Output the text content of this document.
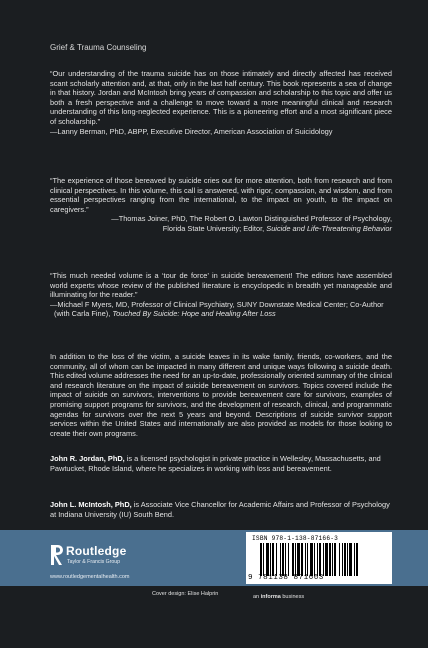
Grief & Trauma Counseling

“Our understanding of the trauma suicide has on those intimately and directly affected has received scant scholarly attention and, at that, only in the last half century. This book represents a sea of change in that history. Jordan and McIntosh bring years of compassion and scholarship to this topic and offer us both a fresh perspective and a challenge to move toward a more meaningful clinical and research understanding of this long-neglected experience. This is a pioneering effort and a most significant piece of scholarship.”

—Lanny Berman, PhD, ABPP, Executive Director, American Association of Suicidology

“The experience of those bereaved by suicide cries out for more attention, both from research and from clinical perspectives. In this volume, this call is answered, with rigor, compassion, and wisdom, and from essential perspectives ranging from the international, to the impact on youth, to the impact on caregivers.”

—Thomas Joiner, PhD, The Robert O. Lawton Distinguished Professor of Psychology,

Florida State University; Editor, Suicide and Life-Threatening Behavior

“This much needed volume is a ‘tour de force’ in suicide bereavement! The editors have assembled world experts whose review of the published literature is encyclopedic in breadth yet manageable and illuminating for the reader.”

—Michael F Myers, MD, Professor of Clinical Psychiatry, SUNY Downstate Medical Center; Co-Author (with Carla Fine), Touched By Suicide: Hope and Healing After Loss

In addition to the loss of the victim, a suicide leaves in its wake family, friends, co-workers, and the community, all of whom can be impacted in many different and unique ways following a suicide death. This edited volume addresses the need for an up-to-date, professionally oriented summary of the clinical and research literature on the impact of suicide bereavement on survivors. Topics covered include the impact of suicide on survivors, interventions to provide bereavement care for survivors, examples of promising support programs for survivors, and the development of research, clinical, and programmatic agendas for survivors over the next 5 years and beyond. Descriptions of suicide survivor support services within the United States and internationally are also provided as models for those looking to create their own programs.

John R. Jordan, PhD, is a licensed psychologist in private practice in Wellesley, Massachusetts, and Pawtucket, Rhode Island, where he specializes in working with loss and bereavement.

John L. McIntosh, PhD, is Associate Vice Chancellor for Academic Affairs and Professor of Psychology at Indiana University (IU) South Bend.

Routledge
Taylor & Francis Group
www.routledgementalhealth.com
ISBN 978-1-138-87166-3
9 781138 871663
Cover design: Elise Halprin	an informa business
